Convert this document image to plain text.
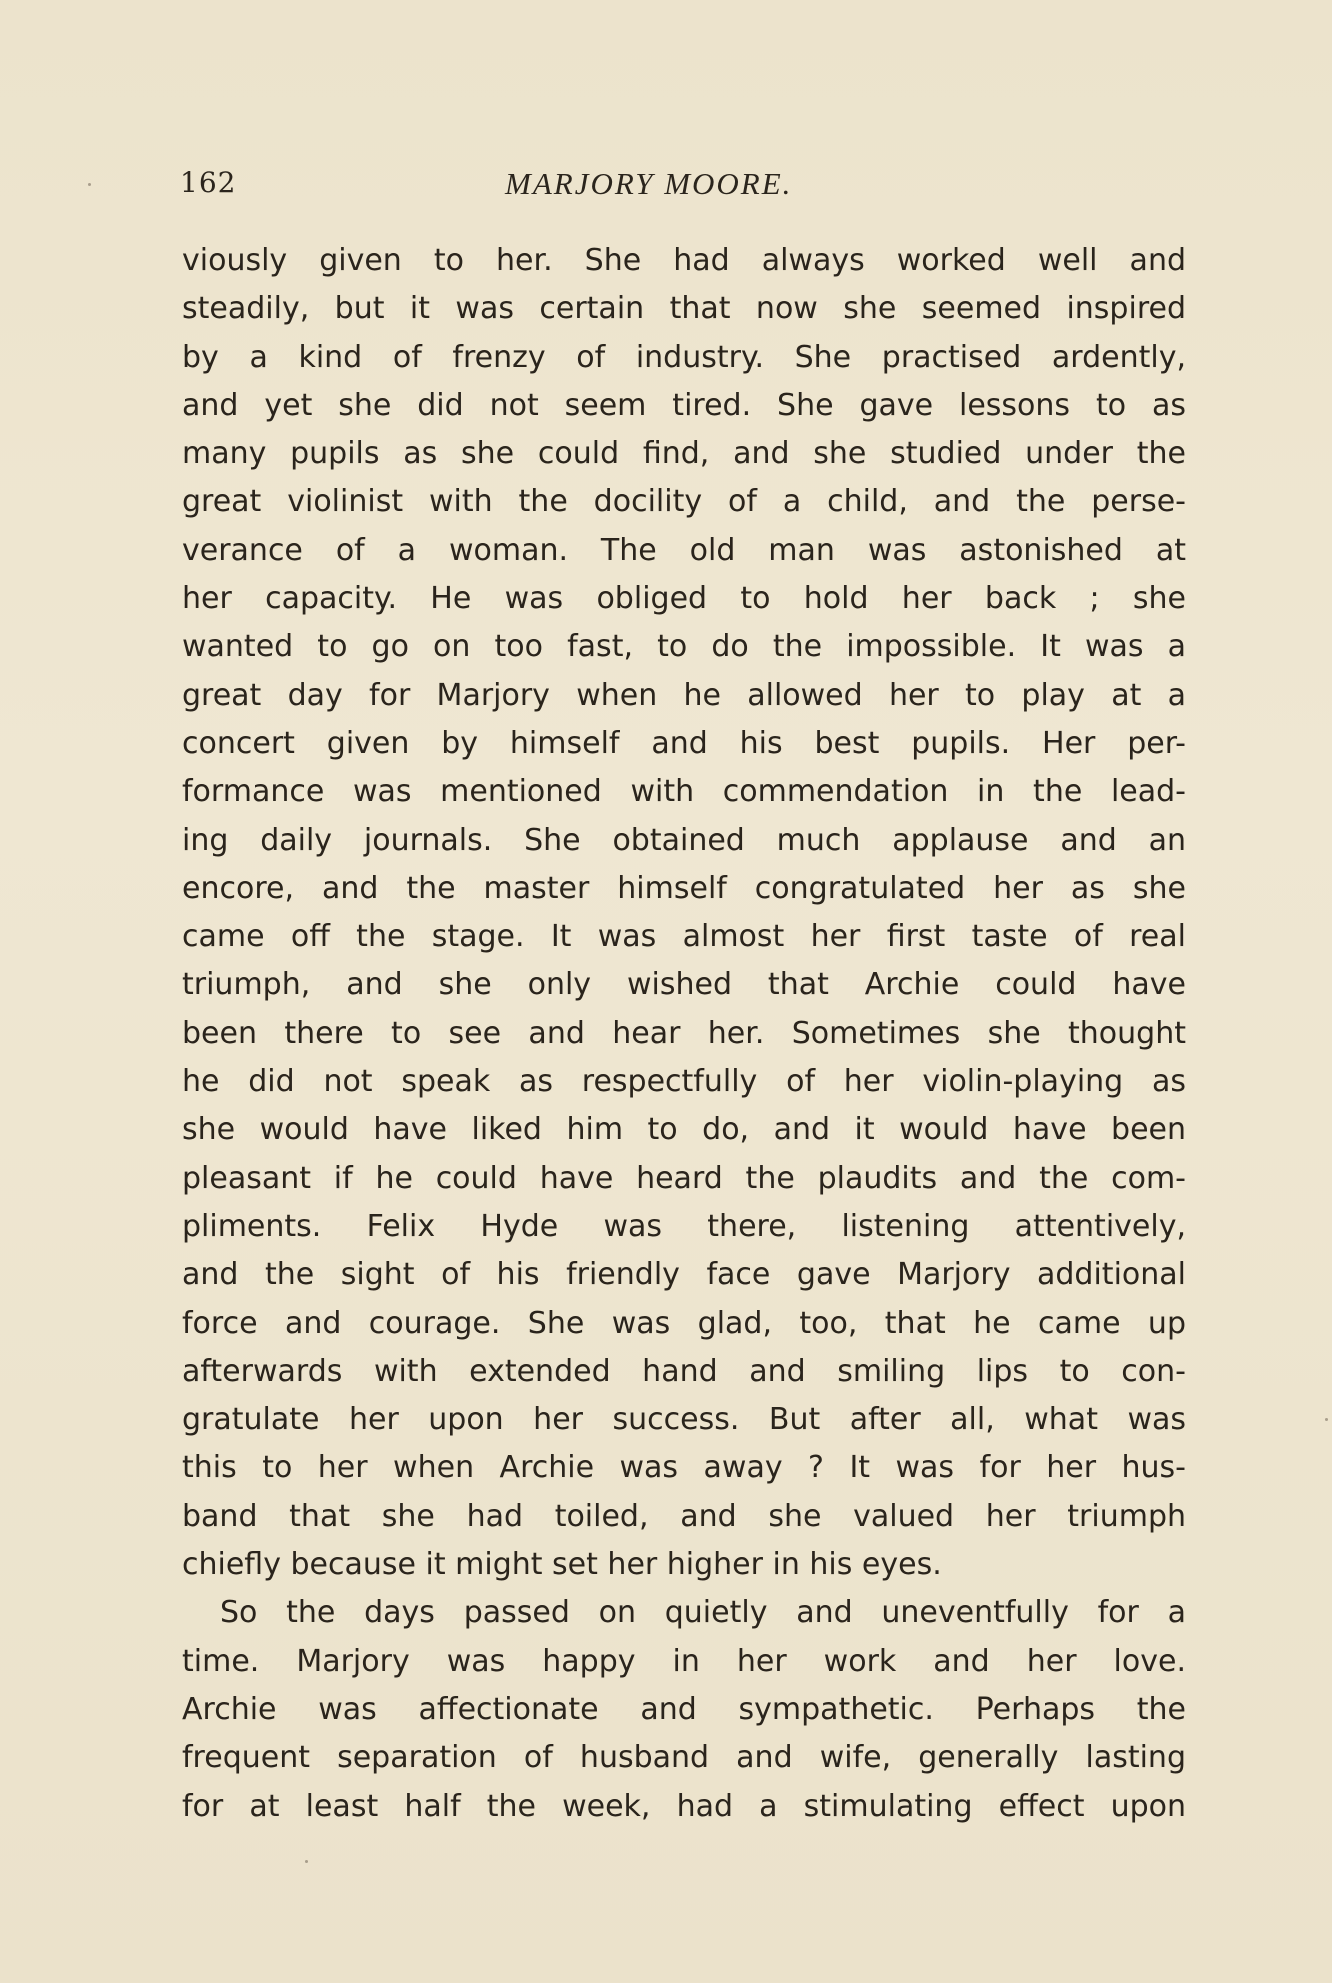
162	MARJORY MOORE.
viously given to her. She had always worked well and
steadily, but it was certain that now she seemed inspired
by a kind of frenzy of industry. She practised ardently,
and yet she did not seem tired. She gave lessons to as
many pupils as she could find, and she studied under the
great violinist with the docility of a child, and the perse-
verance of a woman. The old man was astonished at
her capacity. He was obliged to hold her back ; she
wanted to go on too fast, to do the impossible. It was a
great day for Marjory when he allowed her to play at a
concert given by himself and his best pupils. Her per-
formance was mentioned with commendation in the lead-
ing daily journals. She obtained much applause and an
encore, and the master himself congratulated her as she
came off the stage. It was almost her first taste of real
triumph, and she only wished that Archie could have
been there to see and hear her. Sometimes she thought
he did not speak as respectfully of her violin-playing as
she would have liked him to do, and it would have been
pleasant if he could have heard the plaudits and the com-
pliments. Felix Hyde was there, listening attentively,
and the sight of his friendly face gave Marjory additional
force and courage. She was glad, too, that he came up
afterwards with extended hand and smiling lips to con-
gratulate her upon her success. But after all, what was
this to her when Archie was away ? It was for her hus-
band that she had toiled, and she valued her triumph
chiefly because it might set her higher in his eyes.
So the days passed on quietly and uneventfully for a
time. Marjory was happy in her work and her love.
Archie was affectionate and sympathetic. Perhaps the
frequent separation of husband and wife, generally lasting
for at least half the week, had a stimulating effect upon
